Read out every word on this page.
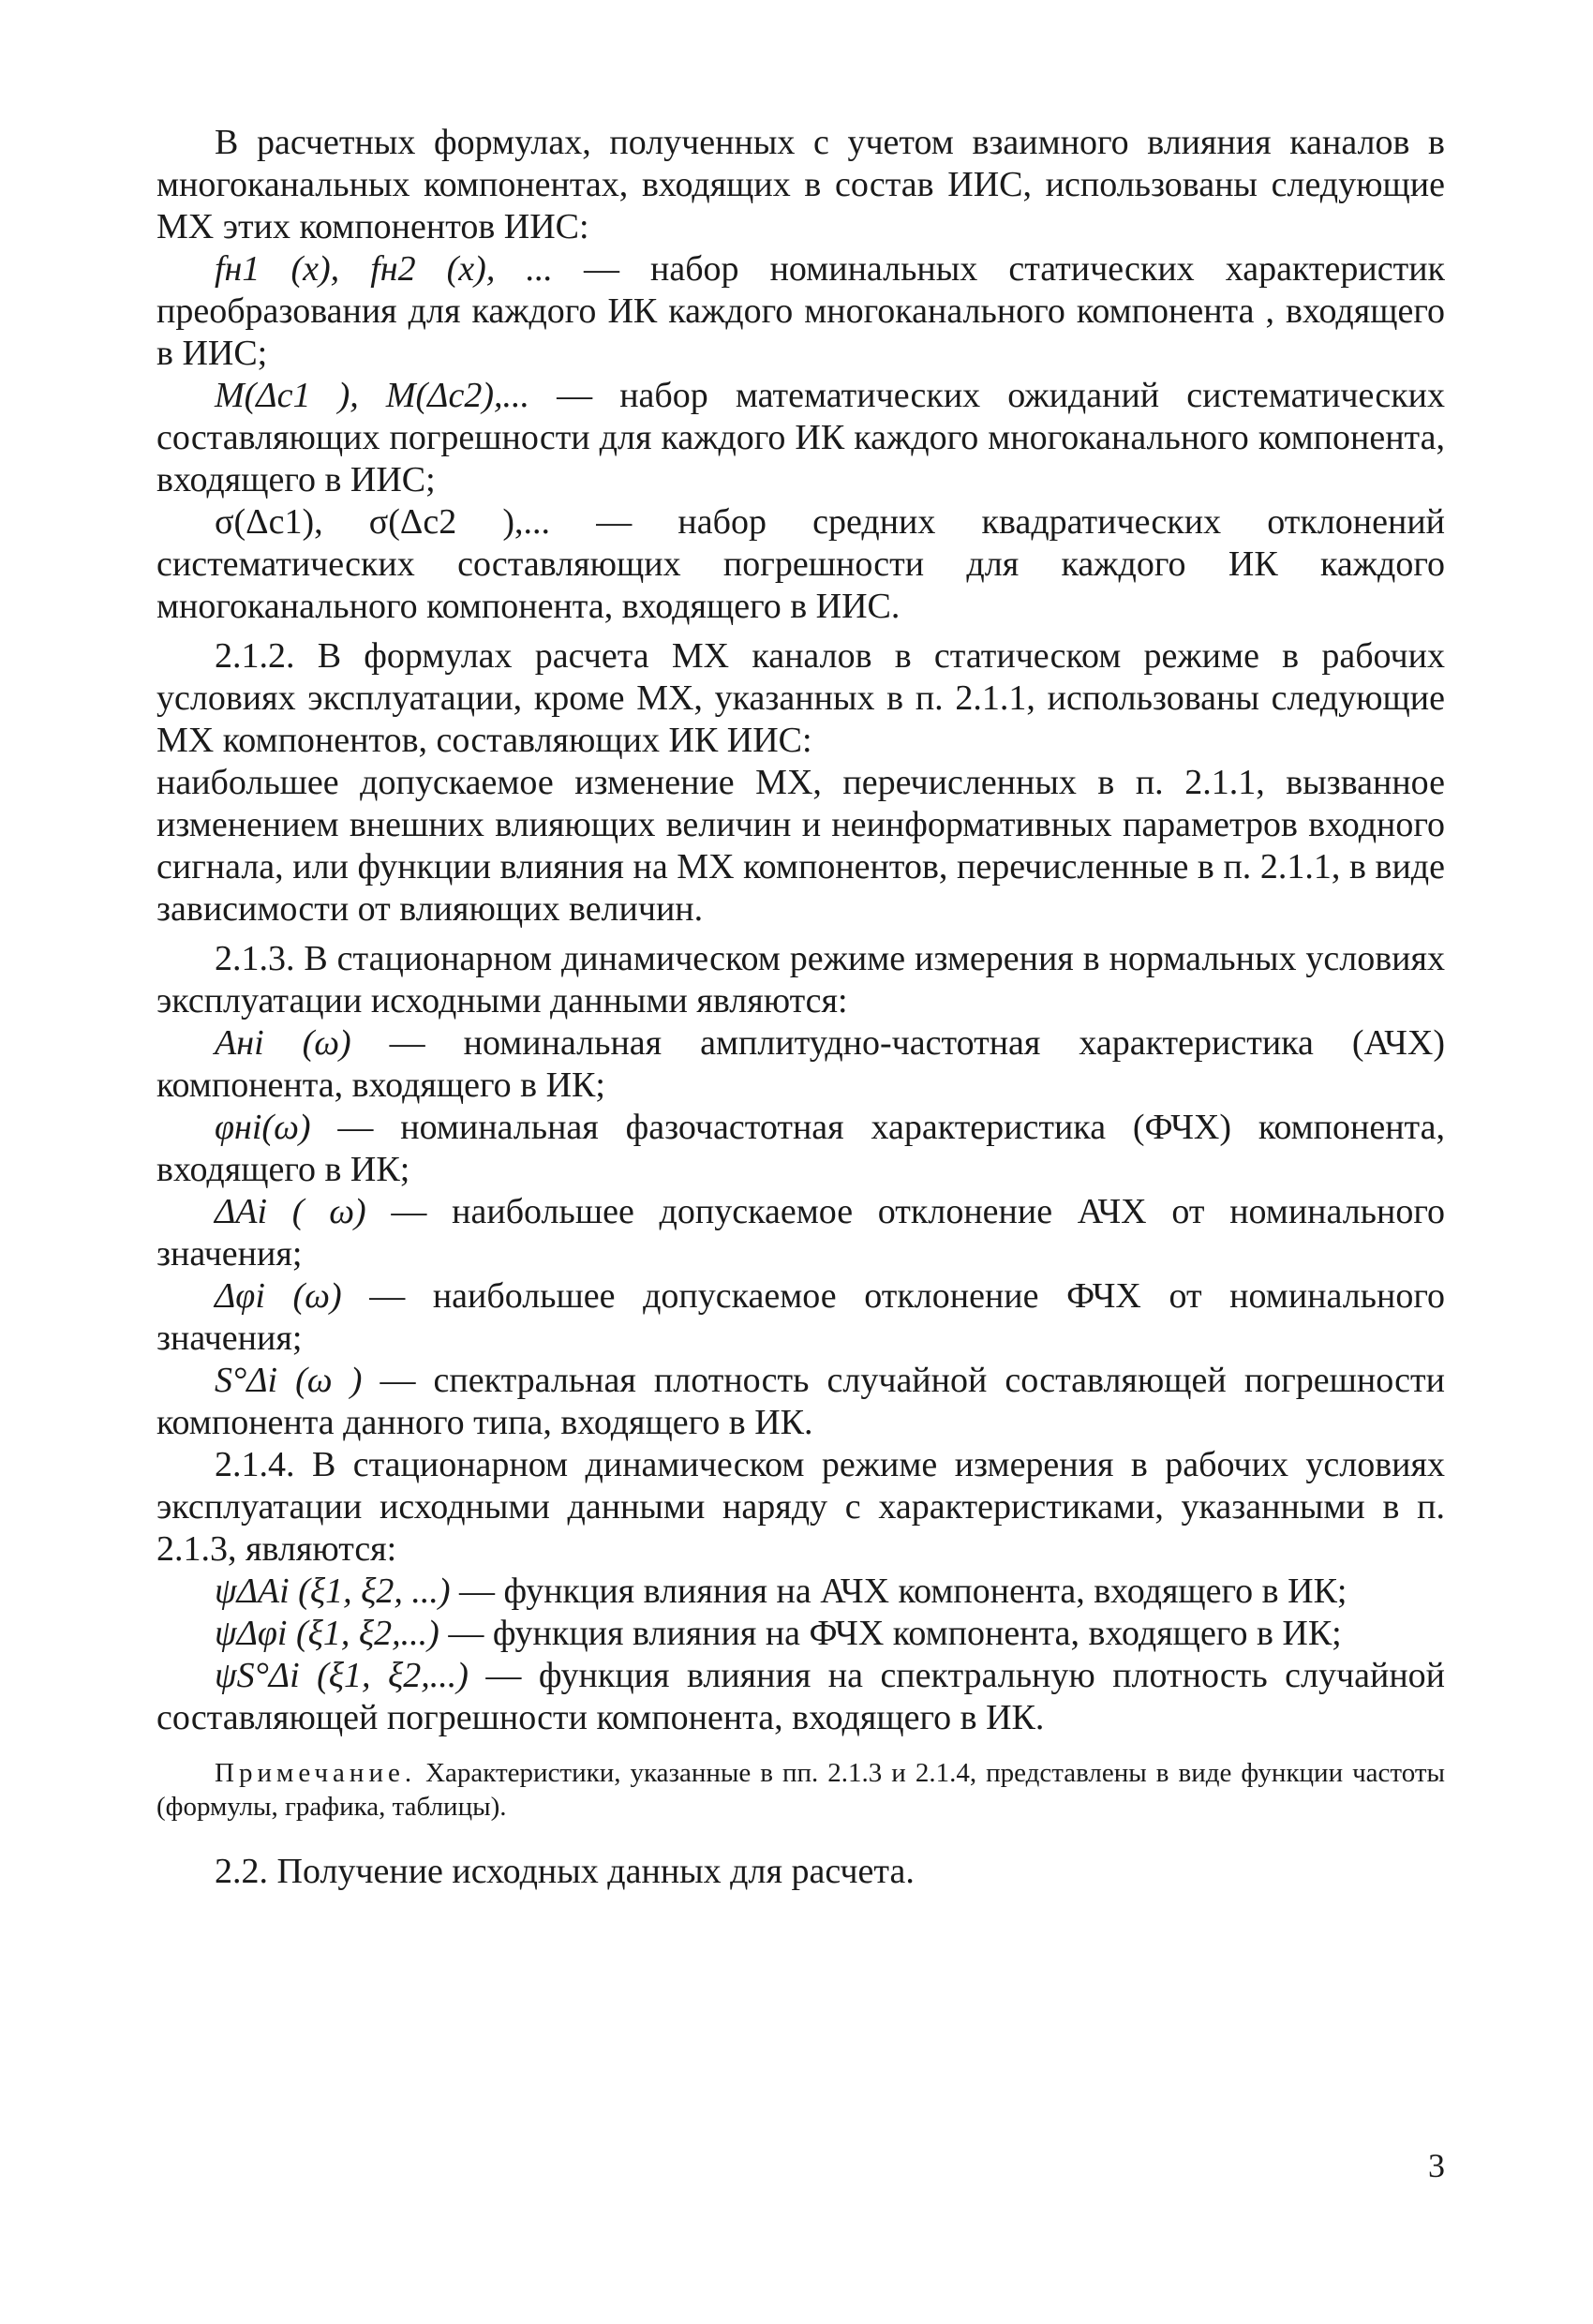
В расчетных формулах, полученных с учетом взаимного влияния каналов в многоканальных компонентах, входящих в состав ИИС, использованы следующие МХ этих компонентов ИИС:

fн1 (x), fн2 (x), ... — набор номинальных статических характеристик преобразования для каждого ИК каждого многоканального компонента , входящего в ИИС;

M(Δc1 ), M(Δc2),... — набор математических ожиданий систематических составляющих погрешности для каждого ИК каждого многоканального компонента, входящего в ИИС;

σ(Δc1), σ(Δc2 ),... — набор средних квадратических отклонений систематических составляющих погрешности для каждого ИК каждого многоканального компонента, входящего в ИИС.

2.1.2. В формулах расчета МХ каналов в статическом режиме в рабочих условиях эксплуатации, кроме МХ, указанных в п. 2.1.1, использованы следующие МХ компонентов, составляющих ИК ИИС:

наибольшее допускаемое изменение МХ, перечисленных в п. 2.1.1, вызванное изменением внешних влияющих величин и неинформативных параметров входного сигнала, или функции влияния на МХ компонентов, перечисленные в п. 2.1.1, в виде зависимости от влияющих величин.

2.1.3. В стационарном динамическом режиме измерения в нормальных условиях эксплуатации исходными данными являются:

Aнi (ω) — номинальная амплитудно-частотная характеристика (АЧХ) компонента, входящего в ИК;

φнi(ω) — номинальная фазочастотная характеристика (ФЧХ) компонента, входящего в ИК;

ΔAi ( ω) — наибольшее допускаемое отклонение АЧХ от номинального значения;

Δφi (ω) — наибольшее допускаемое отклонение ФЧХ от номинального значения;

S°Δi (ω ) — спектральная плотность случайной составляющей погрешности компонента данного типа, входящего в ИК.

2.1.4. В стационарном динамическом режиме измерения в рабочих условиях эксплуатации исходными данными наряду с характеристиками, указанными в п. 2.1.3, являются:

ψΔAi (ξ1, ξ2, ...) — функция влияния на АЧХ компонента, входящего в ИК;

ψΔφi (ξ1, ξ2,...) — функция влияния на ФЧХ компонента, входящего в ИК;

ψS°Δi (ξ1, ξ2,...) — функция влияния на спектральную плотность случайной составляющей погрешности компонента, входящего в ИК.

Примечание. Характеристики, указанные в пп. 2.1.3 и 2.1.4, представлены в виде функции частоты (формулы, графика, таблицы).

2.2. Получение исходных данных для расчета.

3
